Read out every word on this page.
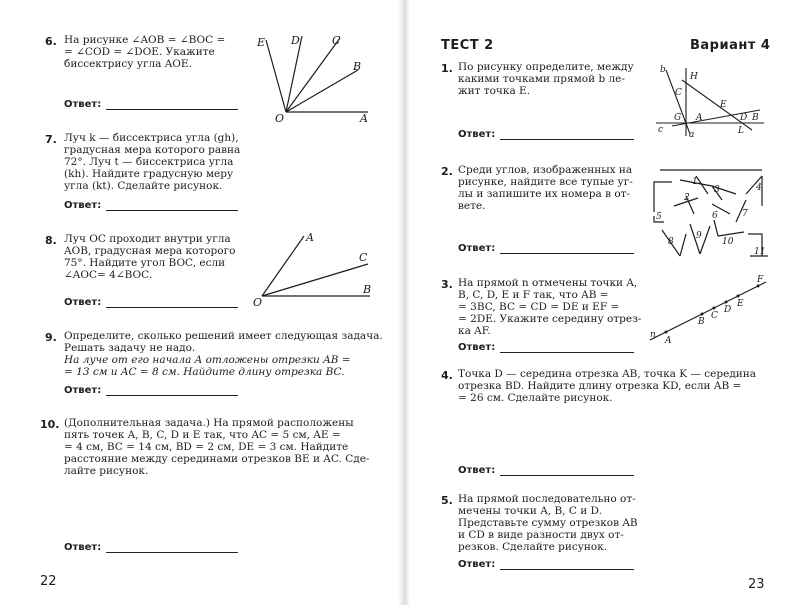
6. На рисунке ∠AOB = ∠BOC =
= ∠COD = ∠DOE. Укажите
биссектрису угла AOE.
Ответ:
E D	C
B
O	A
7. Луч k — биссектриса угла (gh),
градусная мера которого равна
72°. Луч t — биссектриса угла
(kh). Найдите градусную меру
угла (kt). Сделайте рисунок.
Ответ:
8. Луч OC проходит внутри угла
AOB, градусная мера которого
75°. Найдите угол BOC, если
∠AOC= 4∠BOC.
Ответ:
A
C
B
O
9. Определите, сколько решений имеет следующая задача.
Решать задачу не надо.
На луче от его начала A отложены отрезки AB =
= 13 см и AC = 8 см. Найдите длину отрезка BC.
Ответ:
10. (Дополнительная задача.) На прямой расположены
пять точек A, B, C, D и E так, что AC = 5 см, AE =
= 4 см, BC = 14 см, BD = 2 см, DE = 3 см. Найдите
расстояние между серединами отрезков BE и AC. Сде-
лайте рисунок.
Ответ:
22
ТЕСТ 2	Вариант 4
1. По рисунку определите, между
какими точками прямой b ле-
жит точка E.
Ответ:
b
H
C
E
D B
G A
c	a	L
2. Среди углов, изображенных на
рисунке, найдите все тупые уг-
лы и запишите их номера в от-
вете.
Ответ:
1
2
3	4
5	6	7
8
9
10
11
3. На прямой n отмечены точки A,
B, C, D, E и F так, что AB =
= 3BC, BC = CD = DE и EF =
= 2DE. Укажите середину отрез-
ка AF.
Ответ:
F
E
D
C
B
A
n
4. Точка D — середина отрезка AB, точка K — середина
отрезка BD. Найдите длину отрезка KD, если AB =
= 26 см. Сделайте рисунок.
Ответ:
5. На прямой последовательно от-
мечены точки A, B, C и D.
Представьте сумму отрезков AB
и CD в виде разности двух от-
резков. Сделайте рисунок.
Ответ:
23
